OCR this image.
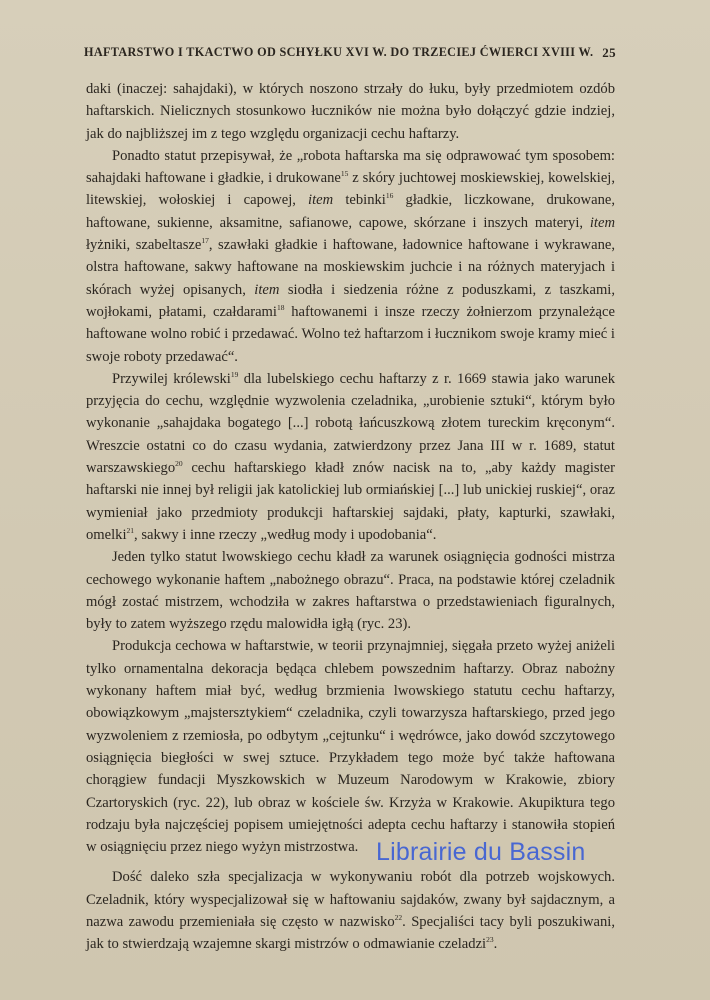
HAFTARSTWO I TKACTWO OD SCHYŁKU XVI W. DO TRZECIEJ ĆWIERCI XVIII W. 25

daki (inaczej: sahajdaki), w których noszono strzały do łuku, były przedmiotem ozdób haftarskich. Nielicznych stosunkowo łuczników nie można było dołączyć gdzie indziej, jak do najbliższej im z tego względu organizacji cechu haftarzy.

Ponadto statut przepisywał, że „robota haftarska ma się odprawować tym sposobem: sahajdaki haftowane i gładkie, i drukowane$^{15}$ z skóry juchtowej moskiewskiej, kowelskiej, litewskiej, wołoskiej i capowej, item tebinki$^{16}$ gładkie, liczkowane, drukowane, haftowane, sukienne, aksamitne, safianowe, capowe, skórzane i inszych materyi, item łyżniki, szabeltasze$^{17}$, szawłaki gładkie i haftowane, ładownice haftowane i wykrawane, olstra haftowane, sakwy haftowane na moskiewskim juchcie i na różnych materyjach i skórach wyżej opisanych, item siodła i siedzenia różne z poduszkami, z taszkami, wojłokami, płatami, czałdarami$^{18}$ haftowanemi i insze rzeczy żołnierzom przynależące haftowane wolno robić i przedawać. Wolno też haftarzom i łucznikom swoje kramy mieć i swoje roboty przedawać“.

Przywilej królewski$^{19}$ dla lubelskiego cechu haftarzy z r. 1669 stawia jako warunek przyjęcia do cechu, względnie wyzwolenia czeladnika, „urobienie sztuki“, którym było wykonanie „sahajdaka bogatego [...] robotą łańcuszkową złotem tureckim kręconym“. Wreszcie ostatni co do czasu wydania, zatwierdzony przez Jana III w r. 1689, statut warszawskiego$^{20}$ cechu haftarskiego kładł znów nacisk na to, „aby każdy magister haftarski nie innej był religii jak katolickiej lub ormiańskiej [...] lub unickiej ruskiej“, oraz wymieniał jako przedmioty produkcji haftarskiej sajdaki, płaty, kapturki, szawłaki, omelki$^{21}$, sakwy i inne rzeczy „według mody i upodobania“.

Jeden tylko statut lwowskiego cechu kładł za warunek osiągnięcia godności mistrza cechowego wykonanie haftem „nabożnego obrazu“. Praca, na podstawie której czeladnik mógł zostać mistrzem, wchodziła w zakres haftarstwa o przedstawieniach figuralnych, były to zatem wyższego rzędu malowidła igłą (ryc. 23).

Produkcja cechowa w haftarstwie, w teorii przynajmniej, sięgała przeto wyżej aniżeli tylko ornamentalna dekoracja będąca chlebem powszednim haftarzy. Obraz nabożny wykonany haftem miał być, według brzmienia lwowskiego statutu cechu haftarzy, obowiązkowym „majstersztykiem“ czeladnika, czyli towarzysza haftarskiego, przed jego wyzwoleniem z rzemiosła, po odbytym „cejtunku“ i wędrówce, jako dowód szczytowego osiągnięcia biegłości w swej sztuce. Przykładem tego może być także haftowana chorągiew fundacji Myszkowskich w Muzeum Narodowym w Krakowie, zbiory Czartoryskich (ryc. 22), lub obraz w kościele św. Krzyża w Krakowie. Akupiktura tego rodzaju była najczęściej popisem umiejętności adepta cechu haftarzy i stanowiła stopień w osiągnięciu przez niego wyżyn mistrzostwa.

Dość daleko szła specjalizacja w wykonywaniu robót dla potrzeb wojskowych. Czeladnik, który wyspecjalizował się w haftowaniu sajdaków, zwany był sajdacznym, a nazwa zawodu przemieniała się często w nazwisko$^{22}$. Specjaliści tacy byli poszukiwani, jak to stwierdzają wzajemne skargi mistrzów o odmawianie czeladzi$^{23}$.

Librairie du Bassin
